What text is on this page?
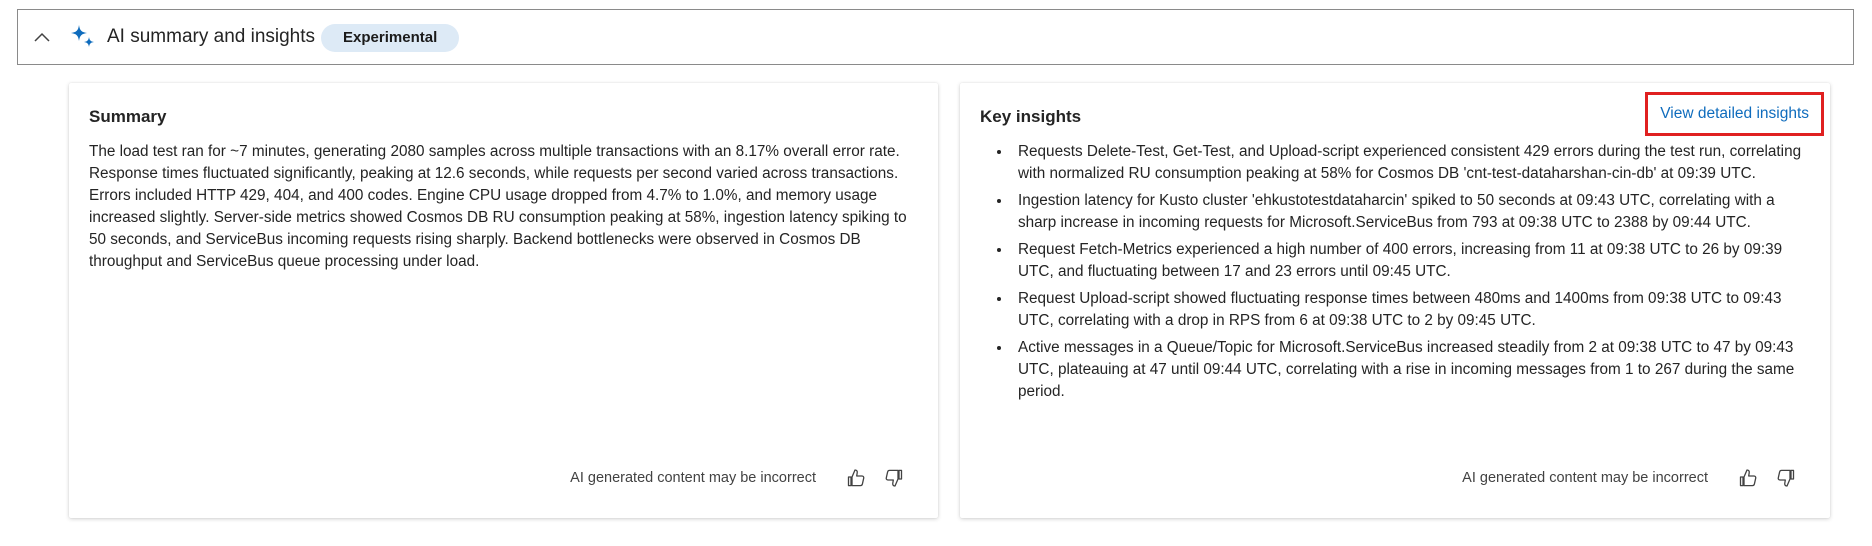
AI summary and insights	Experimental
Summary
The load test ran for ~7 minutes, generating 2080 samples across multiple transactions with an 8.17% overall error rate. Response times fluctuated significantly, peaking at 12.6 seconds, while requests per second varied across transactions. Errors included HTTP 429, 404, and 400 codes. Engine CPU usage dropped from 4.7% to 1.0%, and memory usage increased slightly. Server-side metrics showed Cosmos DB RU consumption peaking at 58%, ingestion latency spiking to 50 seconds, and ServiceBus incoming requests rising sharply. Backend bottlenecks were observed in Cosmos DB throughput and ServiceBus queue processing under load.
AI generated content may be incorrect
Key insights	View detailed insights
• Requests Delete-Test, Get-Test, and Upload-script experienced consistent 429 errors during the test run, correlating with normalized RU consumption peaking at 58% for Cosmos DB 'cnt-test-dataharshan-cin-db' at 09:39 UTC.
• Ingestion latency for Kusto cluster 'ehkustotestdataharcin' spiked to 50 seconds at 09:43 UTC, correlating with a sharp increase in incoming requests for Microsoft.ServiceBus from 793 at 09:38 UTC to 2388 by 09:44 UTC.
• Request Fetch-Metrics experienced a high number of 400 errors, increasing from 11 at 09:38 UTC to 26 by 09:39 UTC, and fluctuating between 17 and 23 errors until 09:45 UTC.
• Request Upload-script showed fluctuating response times between 480ms and 1400ms from 09:38 UTC to 09:43 UTC, correlating with a drop in RPS from 6 at 09:38 UTC to 2 by 09:45 UTC.
• Active messages in a Queue/Topic for Microsoft.ServiceBus increased steadily from 2 at 09:38 UTC to 47 by 09:43 UTC, plateauing at 47 until 09:44 UTC, correlating with a rise in incoming messages from 1 to 267 during the same period.
AI generated content may be incorrect
